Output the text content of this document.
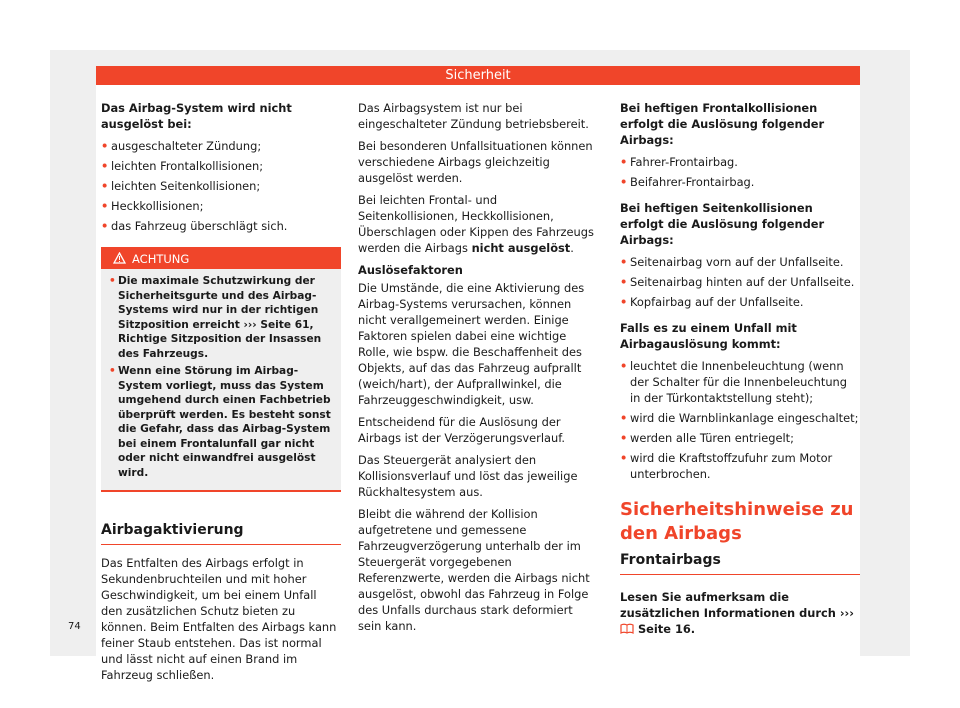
Sicherheit

Das Airbag-System wird nicht ausgelöst bei:

• ausgeschalteter Zündung;
• leichten Frontalkollisionen;
• leichten Seitenkollisionen;
• Heckkollisionen;
• das Fahrzeug überschlägt sich.
ACHTUNG
• Die maximale Schutzwirkung der Sicherheitsgurte und des Airbag-Systems wird nur in der richtigen Sitzposition erreicht ››› Seite 61, Richtige Sitzposition der Insassen des Fahrzeugs.
• Wenn eine Störung im Airbag-System vorliegt, muss das System umgehend durch einen Fachbetrieb überprüft werden. Es besteht sonst die Gefahr, dass das Airbag-System bei einem Frontalunfall gar nicht oder nicht einwandfrei ausgelöst wird.
Airbagaktivierung

Das Entfalten des Airbags erfolgt in Sekundenbruchteilen und mit hoher Geschwindigkeit, um bei einem Unfall den zusätzlichen Schutz bieten zu können. Beim Entfalten des Airbags kann feiner Staub entstehen. Das ist normal und lässt nicht auf einen Brand im Fahrzeug schließen.

Das Airbagsystem ist nur bei eingeschalteter Zündung betriebsbereit.

Bei besonderen Unfallsituationen können verschiedene Airbags gleichzeitig ausgelöst werden.

Bei leichten Frontal- und Seitenkollisionen, Heckkollisionen, Überschlagen oder Kippen des Fahrzeugs werden die Airbags nicht ausgelöst.

Auslösefaktoren

Die Umstände, die eine Aktivierung des Airbag-Systems verursachen, können nicht verallgemeinert werden. Einige Faktoren spielen dabei eine wichtige Rolle, wie bspw. die Beschaffenheit des Objekts, auf das das Fahrzeug aufprallt (weich/hart), der Aufprallwinkel, die Fahrzeuggeschwindigkeit, usw.

Entscheidend für die Auslösung der Airbags ist der Verzögerungsverlauf.

Das Steuergerät analysiert den Kollisionsverlauf und löst das jeweilige Rückhaltesystem aus.

Bleibt die während der Kollision aufgetretene und gemessene Fahrzeugverzögerung unterhalb der im Steuergerät vorgegebenen Referenzwerte, werden die Airbags nicht ausgelöst, obwohl das Fahrzeug in Folge des Unfalls durchaus stark deformiert sein kann.

Bei heftigen Frontalkollisionen erfolgt die Auslösung folgender Airbags:

• Fahrer-Frontairbag.
• Beifahrer-Frontairbag.

Bei heftigen Seitenkollisionen erfolgt die Auslösung folgender Airbags:

• Seitenairbag vorn auf der Unfallseite.
• Seitenairbag hinten auf der Unfallseite.
• Kopfairbag auf der Unfallseite.

Falls es zu einem Unfall mit Airbagauslösung kommt:

• leuchtet die Innenbeleuchtung (wenn der Schalter für die Innenbeleuchtung in der Türkontaktstellung steht);
• wird die Warnblinkanlage eingeschaltet;
• werden alle Türen entriegelt;
• wird die Kraftstoffzufuhr zum Motor unterbrochen.
Sicherheitshinweise zu den Airbags
Frontairbags

Lesen Sie aufmerksam die zusätzlichen Informationen durch ›››  Seite 16.

74
